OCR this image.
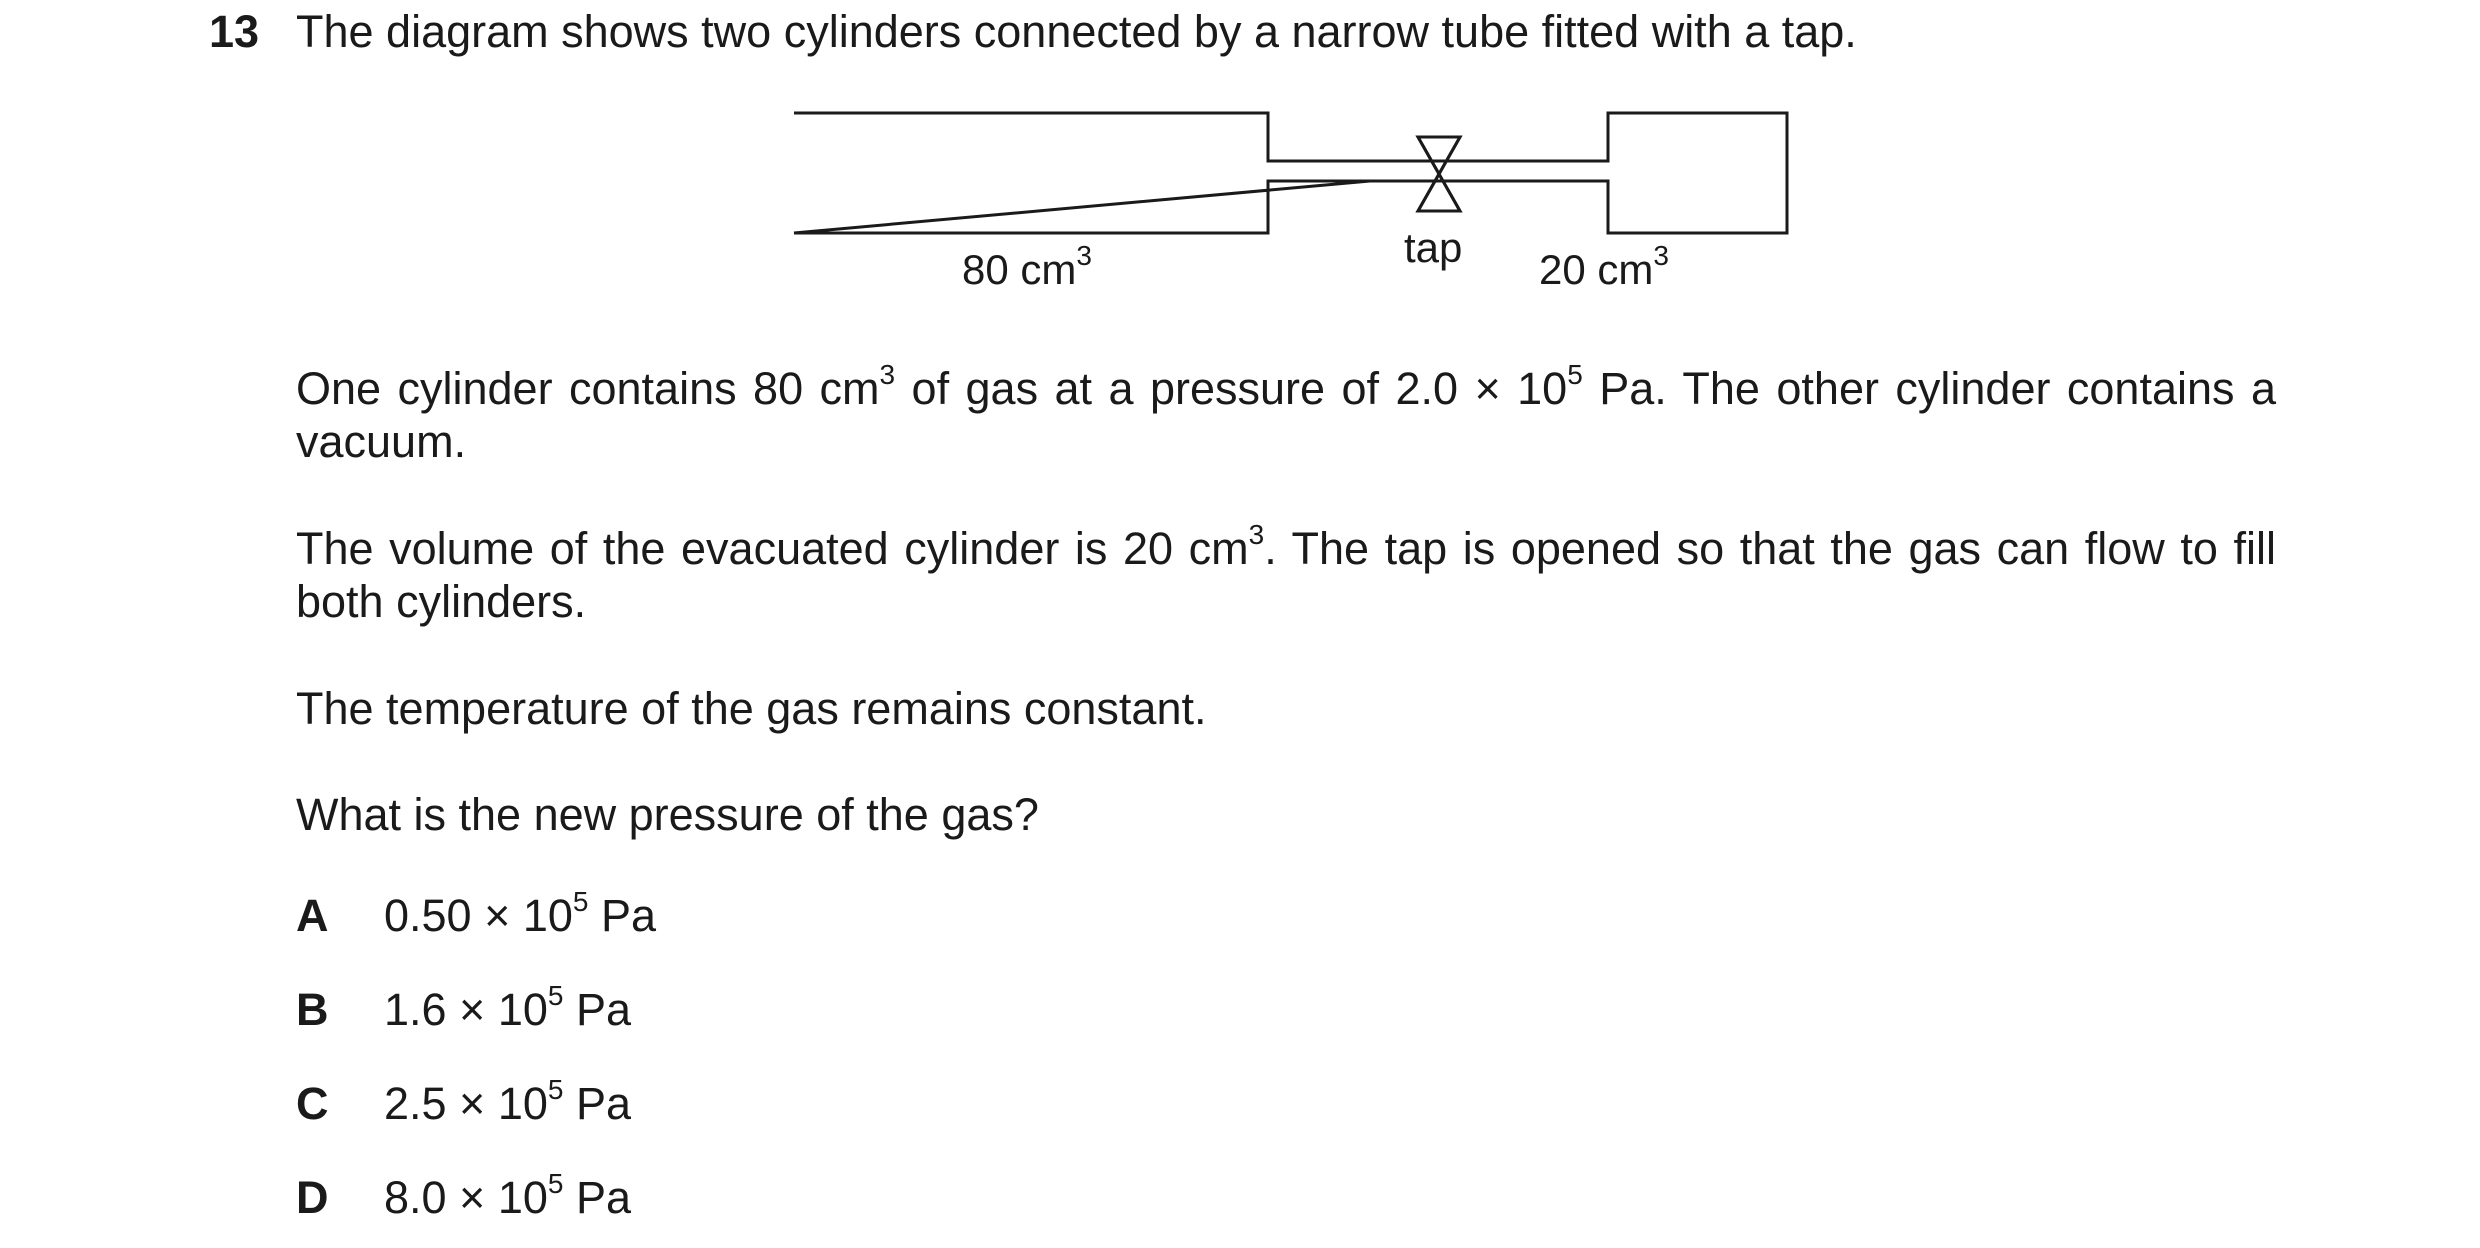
13 The diagram shows two cylinders connected by a narrow tube fitted with a tap.
80 $cm^3$	tap 20 $cm^3$
One cylinder contains 80 $cm^3$ of gas at a pressure of $2.0 \times 10^5$ Pa. The other cylinder contains a
vacuum.
The volume of the evacuated cylinder is 20 $cm^3$. The tap is opened so that the gas can flow to fill
both cylinders.
The temperature of the gas remains constant.
What is the new pressure of the gas?
A $0.50 \times 10^5$ Pa
B $1.6 \times 10^5$ Pa
C $2.5 \times 10^5$ Pa
D $8.0 \times 10^5$ Pa
